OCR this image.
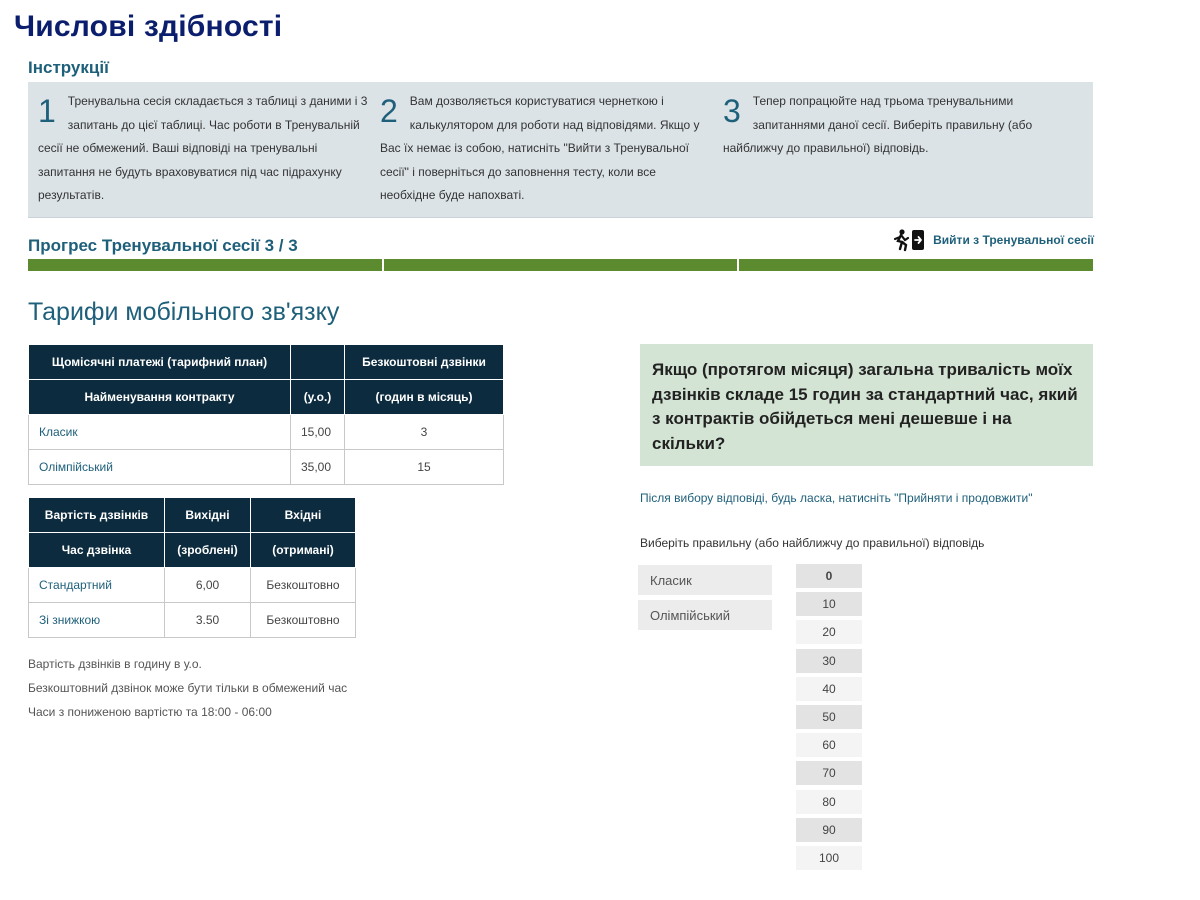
Числові здібності
Інструкції
1 Тренувальна сесія складається з таблиці з даними і 3 запитань до цієї таблиці. Час роботи в Тренувальній сесії не обмежений. Ваші відповіді на тренувальні запитання не будуть враховуватися під час підрахунку результатів.
2 Вам дозволяється користуватися чернеткою і калькулятором для роботи над відповідями. Якщо у Вас їх немає із собою, натисніть "Вийти з Тренувальної сесії" і поверніться до заповнення тесту, коли все необхідне буде напохваті.
3 Тепер попрацюйте над трьома тренувальними запитаннями даної сесії. Виберіть правильну (або найближчу до правильної) відповідь.
Прогрес Тренувальної сесії 3 / 3	Вийти з Тренувальної сесії
Тарифи мобільного зв'язку
Щомісячні платежі (тарифний план)		Безкоштовні дзвінки
Найменування контракту	(у.о.)	(годин в місяць)
Класик	15,00	3
Олімпійський	35,00	15
Вартість дзвінків	Вихідні	Вхідні
Час дзвінка	(зроблені)	(отримані)
Стандартний	6,00	Безкоштовно
Зі знижкою	3.50	Безкоштовно
Вартість дзвінків в годину в у.о.
Безкоштовний дзвінок може бути тільки в обмежений час
Часи з пониженою вартістю та 18:00 - 06:00
Якщо (протягом місяця) загальна тривалість моїх дзвінків складе 15 годин за стандартний час, який з контрактів обійдеться мені дешевше і на скільки?
Після вибору відповіді, будь ласка, натисніть "Прийняти і продовжити"
Виберіть правильну (або найближчу до правильної) відповідь
Класик
Олімпійський
0
10
20
30
40
50
60
70
80
90
100
